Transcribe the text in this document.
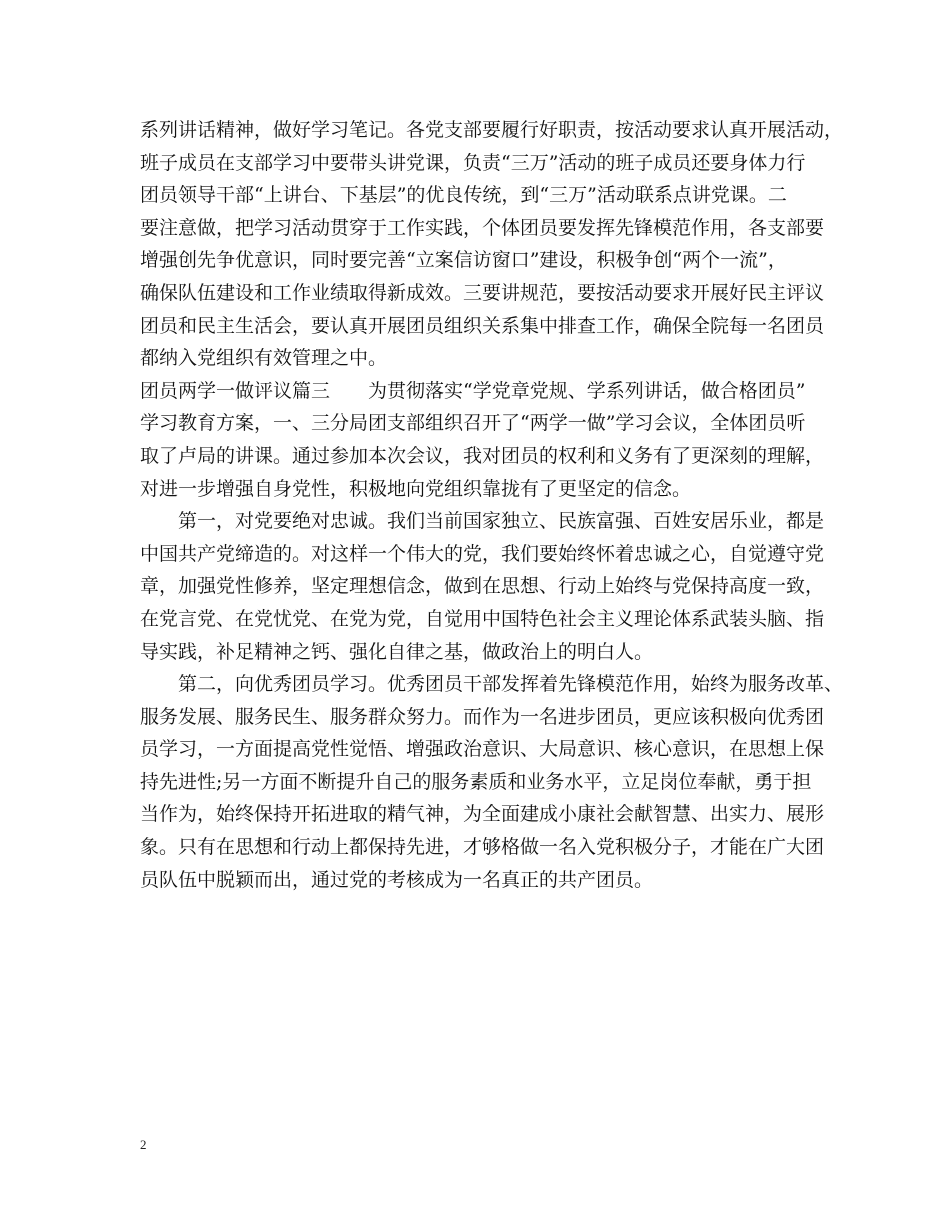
系列讲话精神，做好学习笔记。各党支部要履行好职责，按活动要求认真开展活动，
班子成员在支部学习中要带头讲党课，负责“三万”活动的班子成员还要身体力行
团员领导干部“上讲台、下基层”的优良传统，到“三万”活动联系点讲党课。二
要注意做，把学习活动贯穿于工作实践，个体团员要发挥先锋模范作用，各支部要
增强创先争优意识，同时要完善“立案信访窗口”建设，积极争创“两个一流”，
确保队伍建设和工作业绩取得新成效。三要讲规范，要按活动要求开展好民主评议
团员和民主生活会，要认真开展团员组织关系集中排查工作，确保全院每一名团员
都纳入党组织有效管理之中。
团员两学一做评议篇三　　为贯彻落实“学党章党规、学系列讲话，做合格团员”
学习教育方案，一、三分局团支部组织召开了“两学一做”学习会议，全体团员听
取了卢局的讲课。通过参加本次会议，我对团员的权利和义务有了更深刻的理解，
对进一步增强自身党性，积极地向党组织靠拢有了更坚定的信念。
　　第一，对党要绝对忠诚。我们当前国家独立、民族富强、百姓安居乐业，都是
中国共产党缔造的。对这样一个伟大的党，我们要始终怀着忠诚之心，自觉遵守党
章，加强党性修养，坚定理想信念，做到在思想、行动上始终与党保持高度一致，
在党言党、在党忧党、在党为党，自觉用中国特色社会主义理论体系武装头脑、指
导实践，补足精神之钙、强化自律之基，做政治上的明白人。
　　第二，向优秀团员学习。优秀团员干部发挥着先锋模范作用，始终为服务改革、
服务发展、服务民生、服务群众努力。而作为一名进步团员，更应该积极向优秀团
员学习，一方面提高党性觉悟、增强政治意识、大局意识、核心意识，在思想上保
持先进性;另一方面不断提升自己的服务素质和业务水平，立足岗位奉献，勇于担
当作为，始终保持开拓进取的精气神，为全面建成小康社会献智慧、出实力、展形
象。只有在思想和行动上都保持先进，才够格做一名入党积极分子，才能在广大团
员队伍中脱颖而出，通过党的考核成为一名真正的共产团员。
2
